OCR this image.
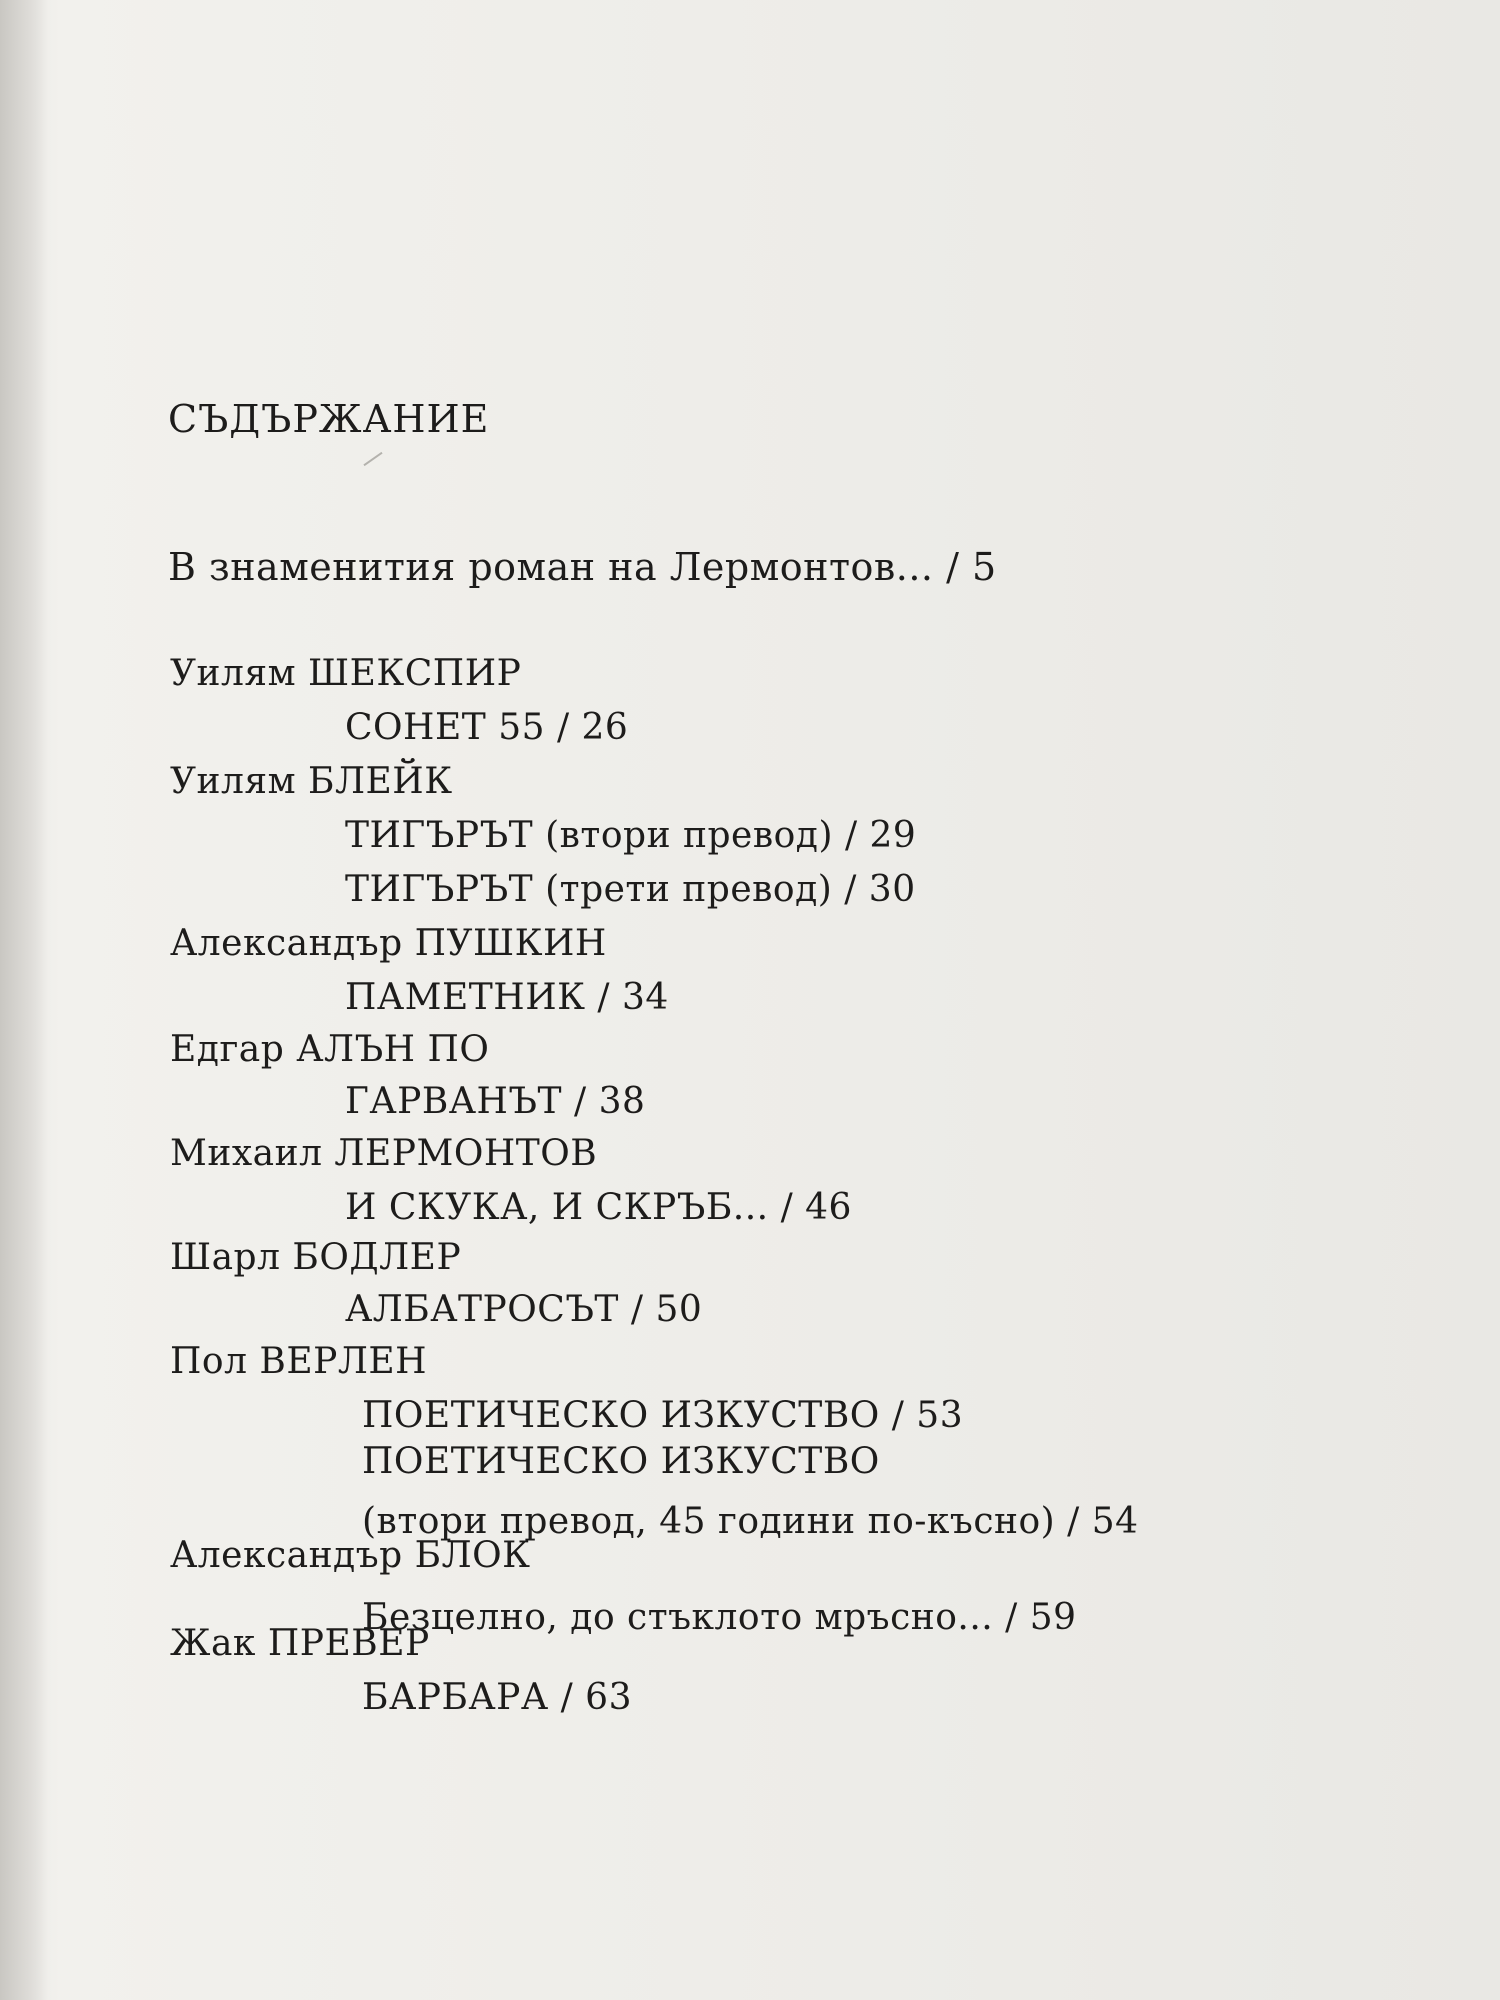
СЪДЪРЖАНИЕ
В знаменития роман на Лермонтов... / 5
Уилям ШЕКСПИР
СОНЕТ 55 / 26
Уилям БЛЕЙК
ТИГЪРЪТ (втори превод) / 29
ТИГЪРЪТ (трети превод) / 30
Александър ПУШКИН
ПАМЕТНИК / 34
Едгар АЛЪН ПО
ГАРВАНЪТ / 38
Михаил ЛЕРМОНТОВ
И СКУКА, И СКРЪБ... / 46
Шарл БОДЛЕР
АЛБАТРОСЪТ / 50
Пол ВЕРЛЕН
ПОЕТИЧЕСКО ИЗКУСТВО / 53
ПОЕТИЧЕСКО ИЗКУСТВО
(втори превод, 45 години по-късно) / 54
Александър БЛОК
Безцелно, до стъклото мръсно... / 59
Жак ПРЕВЕР
БАРБАРА / 63
